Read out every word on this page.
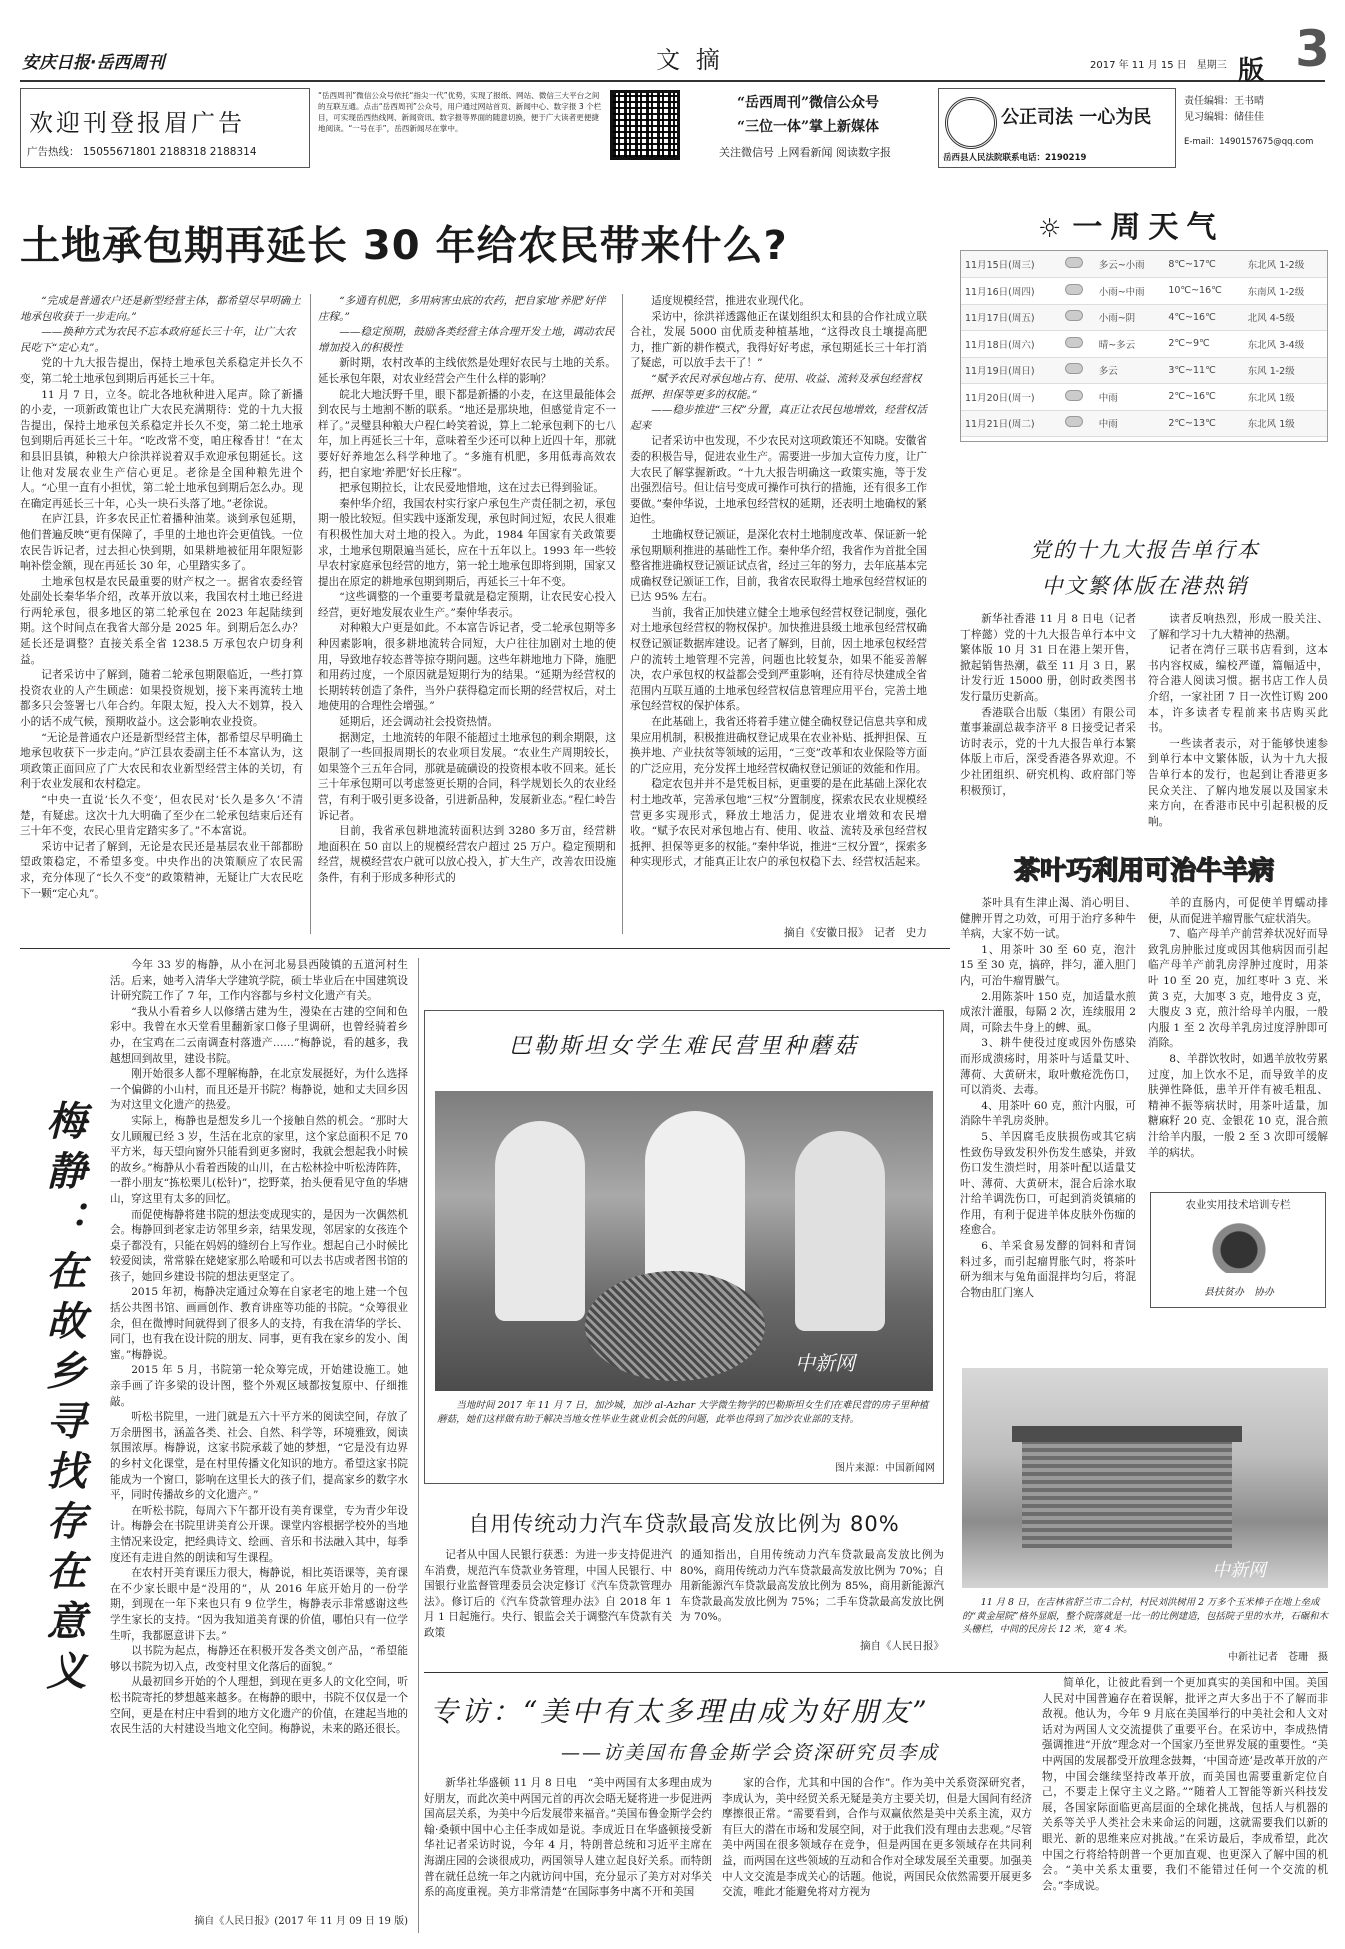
安庆日报·岳西周刊	文 摘	2017 年 11 月 15 日　星期三	3
欢迎刊登报眉广告
广告热线： 15055671801 2188318 2188314
“岳西周刊”微信公众号依托“指尖一代”优势，实现了报纸、网站、微信三大平台之间的互联互通。点击“岳西周刊”公众号，用户通过网站首页、新闻中心、数字报 3 个栏目，可实现岳西热线网、新闻资讯、数字报等界面的随意切换，便于广大读者更便捷地阅读。“一号在手”，岳西新闻尽在掌中。
“岳西周刊”微信公众号
“三位一体”掌上新媒体
关注微信号 上网看新闻 阅读数字报
公正司法 一心为民
岳西县人民法院联系电话：2190219
版
责任编辑：王书晴
见习编辑：储佳佳
E-mail：1490157675@qq.com
土地承包期再延长 30 年给农民带来什么?
“完成是普通农户还是新型经营主体，都希望尽早明确土地承包收获于一步走向。”
——换种方式为农民不忘本政府延长三十年，让广大农民吃下“定心丸”。

党的十九大报告提出，保持土地承包关系稳定并长久不变，第二轮土地承包到期后再延长三十年。

11 月 7 日，立冬。皖北各地秋种进入尾声。除了新播的小麦，一项新政策也让广大农民充满期待：党的十九大报告提出，保持土地承包关系稳定并长久不变，第二轮土地承包到期后再延长三十年。“吃改常不变，咱庄稼香甘！”在太和县旧县镇，种粮大户徐洪祥说着双手欢迎承包期延长。这让他对发展农业生产信心更足。老徐是全国种粮先进个人。“心里一直有小担忧，第二轮土地承包到期后怎么办。现在确定再延长三十年，心头一块石头落了地。”老徐说。

在庐江县，许多农民正忙着播种油菜。谈到承包延期，他们普遍反映“更有保障了，手里的土地也许会更值钱。一位农民告诉记者，过去担心快到期，如果耕地被征用年限短影响补偿金额，现在再延长 30 年，心里踏实多了。

土地承包权是农民最重要的财产权之一。据省农委经管处副处长秦华华介绍，改革开放以来，我国农村土地已经进行两轮承包，很多地区的第二轮承包在 2023 年起陆续到期。这个时间点在我省大部分是 2025 年。到期后怎么办？延长还是调整？直接关系全省 1238.5 万承包农户切身利益。

记者采访中了解到，随着二轮承包期限临近，一些打算投资农业的人产生顾虑：如果投资规划，接下来再流转土地都多只会签署七八年合约。年限太短，投入大不划算，投入小的话不成气候，预期收益小。这会影响农业投资。

“无论是普通农户还是新型经营主体，都希望尽早明确土地承包收获下一步走向。”庐江县农委副主任不本富认为，这项政策正面回应了广大农民和农业新型经营主体的关切，有利于农业发展和农村稳定。

“中央一直说‘长久不变’，但农民对‘长久是多久’不清楚，有疑虑。这次十九大明确了至少在二轮承包结束后还有三十年不变，农民心里肯定踏实多了。”不本富说。

采访中记者了解到，无论是农民还是基层农业干部都盼望政策稳定，不希望多变。中央作出的决策顺应了农民需求，充分体现了“长久不变”的政策精神，无疑让广大农民吃下一颗“定心丸”。

“多通有机肥，多用病害虫底的农药，把自家地‘养肥’好伴庄稼。”
——稳定预期，鼓励各类经营主体合理开发土地，调动农民增加投入的积极性

新时期，农村改革的主线依然是处理好农民与土地的关系。延长承包年限，对农业经营会产生什么样的影响？

皖北大地沃野千里，眼下都是新播的小麦，在这里最能体会到农民与土地割不断的联系。“地还是那块地，但感觉肯定不一样了。”灵璧县种粮大户程仁岭笑着说，算上二轮承包剩下的七八年，加上再延长三十年，意味着至少还可以种上近四十年，那就要好好养地怎么科学种地了。“多施有机肥，多用低毒高效农药，把自家地‘养肥’好长庄稼”。

把承包期拉长，让农民爱地惜地，这在过去已得到验证。

秦仲华介绍，我国农村实行家户承包生产责任制之初，承包期一般比较短。但实践中逐渐发现，承包时间过短，农民人很难有积极性加大对土地的投入。为此，1984 年国家有关政策要求，土地承包期限遍当延长，应在十五年以上。1993 年一些较早农村家庭承包经营的地方，第一轮土地承包即将到期，国家又提出在原定的耕地承包期到期后，再延长三十年不变。

“这些调整的一个重要考量就是稳定预期，让农民安心投入经营，更好地发展农业生产。”秦仲华表示。

对种粮大户更是如此。不本富告诉记者，受二轮承包期等多种因素影响，很多耕地流转合同短，大户往往加剧对土地的使用，导致地存较态普等掠夺期问题。这些年耕地地力下降，施肥和用药过度，一个原因就是短期行为的结果。“延期为经营权的长期转转创造了条件，当外户获得稳定而长期的经营权后，对土地使用的合理性会增强。”

延期后，还会调动社会投资热情。

据测定，土地流转的年限不能超过土地承包的剩余期限，这限制了一些回报周期长的农业项目发展。“农业生产周期较长，如果签个三五年合同，那就是硫磺设的投资根本收不回来。延长三十年承包期可以考虑签更长期的合同，科学规划长久的农业经营，有利于吸引更多设备，引进新品种，发展新业态。”程仁岭告诉记者。

目前，我省承包耕地流转面积达到 3280 多万亩，经营耕地面积在 50 亩以上的规模经营农户超过 25 万户。稳定预期和经营，规模经营农户就可以放心投入，扩大生产，改善农田设施条件，有利于形成多种形式的

适度规模经营，推进农业现代化。

采访中，徐洪祥透露他正在谋划组织太和县的合作社成立联合社，发展 5000 亩优质麦种植基地，“这得改良土壤提高肥力，推广新的耕作模式，我得好好考虑，承包期延长三十年打消了疑虑，可以放手去干了！”

“赋予农民对承包地占有、使用、收益、流转及承包经营权抵押、担保等更多的权能。”
——稳步推进“三权”分置，真正让农民包地增效，经营权活起来

记者采访中也发现，不少农民对这项政策还不知晓。安徽省委的积极告导，促进农业生产。需要进一步加大宣传力度，让广大农民了解掌握新政。“十九大报告明确这一政策实施，等于发出强烈信号。但让信号变成可操作可执行的措施，还有很多工作要做。”秦仲华说，土地承包经营权的延期，还表明土地确权的紧迫性。

土地确权登记颁证，是深化农村土地制度改革、保证新一轮承包期顺利推进的基础性工作。秦仲华介绍，我省作为首批全国整省推进确权登记颁证试点省，经过三年的努力，去年底基本完成确权登记颁证工作，目前，我省农民取得土地承包经营权证的已达 95% 左右。

当前，我省正加快建立健全土地承包经营权登记制度，强化对土地承包经营权的物权保护。加快推进县级土地承包经营权确权登记颁证数据库建设。记者了解到，目前，因土地承包权经营户的流转土地管理不完善，问题也比较复杂，如果不能妥善解决，农户承包权的权益都会受到严重影响，还有待尽快建成全省范围内互联互通的土地承包经营权信息管理应用平台，完善土地承包经营权的保护体系。

在此基础上，我省还将着手建立健全确权登记信息共享和成果应用机制，积极推进确权登记成果在农业补贴、抵押担保、互换并地、产业扶贫等领域的运用，“三变”改革和农业保险等方面的广泛应用，充分发挥土地经营权确权登记颁证的效能和作用。

稳定农包并并不是凭板目标，更重要的是在此基础上深化农村土地改革，完善承包地“三权”分置制度，探索农民农业规模经营更多实现形式，释放土地活力，促进农业增效和农民增收。“赋予农民对承包地占有、使用、收益、流转及承包经营权抵押、担保等更多的权能。”秦仲华说，推进“三权分置”，探索多种实现形式，才能真正让农户的承包权稳下去、经营权活起来。

摘自《安徽日报》　记者　史力
☼ 一周天气
11月15日(周三)		多云~小雨	8℃~17℃	东北风 1-2级
11月16日(周四)		小雨~中雨	10℃~16℃	东南风 1-2级
11月17日(周五)		小雨~阴	4℃~16℃	北风 4-5级
11月18日(周六)		晴~多云	2℃~9℃	东北风 3-4级
11月19日(周日)		多云	3℃~11℃	东风 1-2级
11月20日(周一)		中雨	2℃~16℃	东北风 1级
11月21日(周二)		中雨	2℃~13℃	东北风 1级
党的十九大报告单行本
中文繁体版在港热销

新华社香港 11 月 8 日电（记者　丁梓懿）党的十九大报告单行本中文繁体版 10 月 31 日在港上架开售，掀起销售热潮，截至 11 月 3 日，累计发行近 15000 册，创时政类图书发行量历史新高。

香港联合出版（集团）有限公司董事兼副总裁李济平 8 日接受记者采访时表示，党的十九大报告单行本繁体版上市后，深受香港各界欢迎。不少社团组织、研究机构、政府部门等积极预订，

读者反响热烈，形成一股关注、了解和学习十九大精神的热潮。

记者在湾仔三联书店看到，这本书内容权威，编校严谨，篇幅适中，符合港人阅读习惯。据书店工作人员介绍，一家社团 7 日一次性订购 200 本，许多读者专程前来书店购买此书。

一些读者表示，对于能够快速参到单行本中文繁体版，认为十九大报告单行本的发行，也起到让香港更多民众关注、了解内地发展以及国家未来方向，在香港市民中引起积极的反响。

茶叶巧利用可治牛羊病

茶叶具有生津止渴、消心明目、健脾开胃之功效，可用于治疗多种牛羊病，大家不妨一试。

1、用茶叶 30 至 60 克，泡汁 15 至 30 克，搞碎，拌匀，灌入胆门内，可治牛瘤胃臌气。

2.用陈茶叶 150 克，加适量水煎成浓汁灌服，每隔 2 次，连续服用 2 周，可除去牛身上的蜱、虱。

3、耕牛使役过度或因外伤感染而形成溃疡时，用茶叶与适量艾叶、薄荷、大黄研末，取叶敷疮洗伤口，可以消炎、去毒。

4、用茶叶 60 克，煎汁内服，可消除牛羊乳房炎肿。

5、羊因腐毛皮肤损伤或其它病性致伤导致发积外伤发生感染，并致伤口发生溃烂时，用茶叶配以适量艾叶、薄荷、大黄研末，混合后涂水取汁给羊调洗伤口，可起到消炎镇痛的作用，有利于促进羊体皮肤外伤痂的痊愈合。

6、羊采食易发酵的饲料和青饲料过多，而引起瘤胃胀气时，将茶叶研为细末与兔角面混拌均匀后，将混合物由肛门塞人

羊的直肠内，可促使羊胃蠕动排便，从而促进羊瘤胃胀气症状消失。

7、临产母羊产前营养状况好而导致乳房肿胀过度或因其他病因而引起临产母羊产前乳房浮肿过度时，用茶叶 10 至 20 克，加红枣叶 3 克、米黄 3 克，大加枣 3 克，地骨皮 3 克，大腹皮 3 克，煎汁给母羊内服，一般内服 1 至 2 次母羊乳房过度浮肿即可消除。

8、羊群饮牧时，如遇羊放牧劳累过度，加上饮水不足，而导致羊的皮肤弹性降低，患羊开伴有被毛粗乱、精神不振等病状时，用茶叶适量，加糖麻籽 20 克、金银花 10 克，混合煎汁给羊内服，一般 2 至 3 次即可缓解羊的病状。

农业实用技术培训专栏
县扶贫办　协办
梅静：在故乡寻找存在意义

今年 33 岁的梅静，从小在河北易县西陵镇的五道河村生活。后来，她考入清华大学建筑学院，硕士毕业后在中国建筑设计研究院工作了 7 年，工作内容都与乡村文化遗产有关。

“我从小看着乡人以修缮古建为生，漫染在古建的空间和色彩中。我曾在水天堂看里翻新家口修子里调研，也曾经骑着乡办，在宝鸡在二云南调查村落遗产……”梅静说，看的越多，我越想回到故里，建设书院。

刚开始很多人都不理解梅静，在北京发展挺好，为什么选择一个偏僻的小山村，而且还是开书院？梅静说，她和丈夫回乡因为对这里文化遗产的热爱。

实际上，梅静也是想发乡儿一个接触自然的机会。“那时大女儿顾履已经 3 岁，生活在北京的家里，这个家总面积不足 70 平方米，每天望向窗外只能看到更多窗时，我就会想起我小时候的故乡。”梅静从小看着西陵的山川，在古松林捡中听松涛阵阵，一群小朋友“拣松栗儿(松针)”，挖野菜，抬头便看见守鱼的华塘山，穿这里有太多的回忆。

而促使梅静将建书院的想法变成现实的，是因为一次偶然机会。梅静回到老家走访邻里乡亲，结果发现，邻居家的女孩连个桌子都没有，只能在妈妈的缝纫台上写作业。想起自己小时候比较爱阅读，常常躲在姥姥家那么哈暖和可以去书店或者图书馆的孩子，她回乡建设书院的想法更坚定了。

2015 年初，梅静决定通过众筹在自家老宅的地上建一个包括公共图书馆、画画创作、教育讲座等功能的书院。“众筹很业余，但在微博时间就得到了很多人的支持，有我在清华的学长、同门，也有我在设计院的朋友、同事，更有我在家乡的发小、闺蜜。”梅静说。

2015 年 5 月，书院第一轮众筹完成，开始建设施工。她亲手画了许多梁的设计图，整个外观区域都按复原中、仔细推敲。

听松书院里，一进门就是五六十平方米的阅读空间，存放了万余册图书，涵盖各类、社会、自然、科学等，环境雅致，阅读氛围浓厚。梅静说，这家书院承载了她的梦想，“它是没有边界的乡村文化课堂，是在村里传播文化知识的地方。希望这家书院能成为一个窗口，影响在这里长大的孩子们，提高家乡的数字水平，同时传播故乡的文化遗产。”

在听松书院，每周六下午都开设有美育课堂，专为青少年设计。梅静会在书院里讲美育公开课。课堂内容根据学校外的当地主情况来设定，把经典诗文、绘画、音乐和书法融入其中，每季度还有走进自然的朗读和写生课程。

在农村开美育课压力很大，梅静说，相比英语课等，美育课在不少家长眼中是“没用的”，从 2016 年底开始月的一份学期，到现在一年下来也只有 9 位学生，梅静表示非常感谢这些学生家长的支持。“因为我知道美育课的价值，哪怕只有一位学生听，我都愿意讲下去。”

以书院为起点，梅静还在积极开发各类文创产品，“希望能够以书院为切入点，改变村里文化落后的面貌。”

从最初回乡开始的个人理想，到现在更多人的文化空间，听松书院寄托的梦想越来越多。在梅静的眼中，书院不仅仅是一个空间，更是在村庄中看到的地方文化遗产的价值，在建起当地的农民生活的大村建设当地文化空间。梅静说，未来的路还很长。

摘自《人民日报》(2017 年 11 月 09 日 19 版)
巴勒斯坦女学生难民营里种蘑菇
中新网
当地时间 2017 年 11 月 7 日，加沙城，加沙 al-Azhar 大学微生物学的巴勒斯坦女生们在难民营的房子里种植蘑菇，她们这样做有助于解决当地女性毕业生就业机会低的问题，此举也得到了加沙农业部的支持。
图片来源：中国新闻网
自用传统动力汽车贷款最高发放比例为 80%
记者从中国人民银行获悉：为进一步支持促进汽车消费，规范汽车贷款业务管理，中国人民银行、中国银行业监督管理委员会决定修订《汽车贷款管理办法》。修订后的《汽车贷款管理办法》自 2018 年 1 月 1 日起施行。央行、银监会关于调整汽车贷款有关政策
的通知指出，自用传统动力汽车贷款最高发放比例为 80%，商用传统动力汽车贷款最高发放比例为 70%；自用新能源汽车贷款最高发放比例为 85%，商用新能源汽车贷款最高发放比例为 75%；二手车贷款最高发放比例为 70%。
摘自《人民日报》
中新网
11 月 8 日，在吉林省舒兰市二合村，村民刘洪树用 2 万多个玉米棒子在地上垒成的“黄金屋院”格外显眼，整个院落就是一比一的比例建造，包括院子里的水井，石碾和木头栅栏，中间的民房长 12 米，宽 4 米。
中新社记者　苍珊　摄
专访：“美中有太多理由成为好朋友”
——访美国布鲁金斯学会资深研究员李成
新华社华盛顿 11 月 8 日电　“美中两国有太多理由成为好朋友，而此次美中两国元首的再次会晤无疑将进一步促进两国高层关系，为美中今后发展带来福音。”美国布鲁金斯学会约翰·桑顿中国中心主任李成如是说。李成近日在华盛顿接受新华社记者采访时说，今年 4 月，特朗普总统和习近平主席在海湖庄园的会谈很成功，两国领导人建立起良好关系。而特朗普在就任总统一年之内就访问中国，充分显示了美方对对华关系的高度重视。美方非常清楚“在国际事务中离不开和美国
家的合作，尤其和中国的合作”。作为美中关系资深研究者，李成认为，美中经贸关系无疑是美方主要关切，但是大国间有经济摩擦很正常。“需要看到，合作与双赢依然是美中关系主流，双方有巨大的潜在市场和发展空间，对于此我们没有理由去悲观。”尽管美中两国在很多领域存在竞争，但是两国在更多领域存在共同利益，而两国在这些领域的互动和合作对全球发展至关重要。加强美中人文交流是李成关心的话题。他说，两国民众依然需要开展更多交流，唯此才能避免将对方视为
简单化，让彼此看到一个更加真实的美国和中国。美国人民对中国普遍存在着误解，批评之声大多出于不了解而非敌视。他认为，今年 9 月底在美国举行的中美社会和人文对话对为两国人文交流提供了重要平台。在采访中，李成热情强调推进“开放”理念对一个国家乃至世界发展的重要性。“美中两国的发展都受开放理念鼓舞，‘中国奇迹’是改革开放的产物，中国会继续坚持改革开放，而美国也需要重新定位自己，不要走上保守主义之路。”“随着人工智能等新兴科技发展，各国家际面临更高层面的全球化挑战，包括人与机器的关系等关乎人类社会未来命运的问题，这就需要我们以新的眼光、新的思维来应对挑战。”在采访最后，李成希望，此次中国之行将给特朗普一个更加直观、也更深入了解中国的机会。“美中关系太重要，我们不能错过任何一个交流的机会。”李成说。
